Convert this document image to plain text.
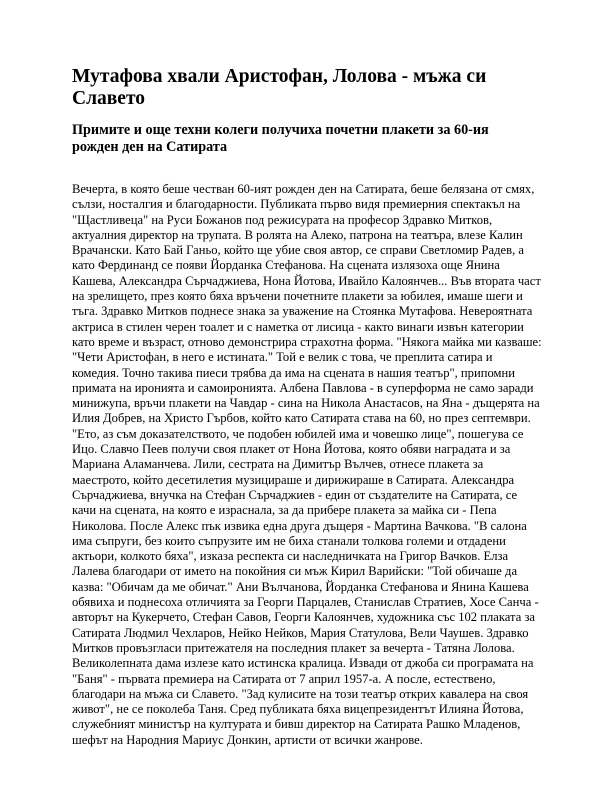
Мутафова хвали Аристофан, Лолова - мъжа си Славето
Примите и още техни колеги получиха почетни плакети за 60-ия рожден ден на Сатирата

Вечерта, в която беше честван 60-ият рожден ден на Сатирата, беше белязана от смях, сълзи, носталгия и благодарности. Публиката първо видя премиерния спектакъл на "Щастливеца" на Руси Божанов под режисурата на професор Здравко Митков, актуалния директор на трупата. В ролята на Алеко, патрона на театъра, влезе Калин Врачански. Като Бай Ганьо, който ще убие своя автор, се справи Светломир Радев, а като Фердинанд се появи Йорданка Стефанова. На сцената излязоха още Янина Кашева, Александра Сърчаджиева, Нона Йотова, Ивайло Калоянчев... Във втората част на зрелището, през която бяха връчени почетните плакети за юбилея, имаше шеги и тъга. Здравко Митков поднесе знака за уважение на Стоянка Мутафова. Невероятната актриса в стилен черен тоалет и с наметка от лисица - както винаги извън категории като време и възраст, отново демонстрира страхотна форма. "Някога майка ми казваше: "Чети Аристофан, в него е истината." Той е велик с това, че преплита сатира и комедия. Точно такива пиеси трябва да има на сцената в нашия театър", припомни примата на иронията и самоиронията. Албена Павлова - в суперформа не само заради минижупа, връчи плакети на Чавдар - сина на Никола Анастасов, на Яна - дъщерята на Илия Добрев, на Христо Гърбов, който като Сатирата става на 60, но през септември. "Ето, аз съм доказателството, че подобен юбилей има и човешко лице", пошегува се Ицо. Славчо Пеев получи своя плакет от Нона Йотова, която обяви наградата и за Мариана Аламанчева. Лили, сестрата на Димитър Вълчев, отнесе плакета за маестрото, който десетилетия музицираше и дирижираше в Сатирата. Александра Сърчаджиева, внучка на Стефан Сърчаджиев - един от създателите на Сатирата, се качи на сцената, на която е израснала, за да прибере плакета за майка си - Пепа Николова. После Алекс пък извика една друга дъщеря - Мартина Вачкова. "В салона има съпруги, без които съпрузите им не биха станали толкова големи и отдадени актьори, колкото бяха", изказа респекта си наследничката на Григор Вачков. Елза Лалева благодари от името на покойния си мъж Кирил Варийски: "Той обичаше да казва: "Обичам да ме обичат." Ани Вълчанова, Йорданка Стефанова и Янина Кашева обявиха и поднесоха отличията за Георги Парцалев, Станислав Стратиев, Хосе Санча - авторът на Кукерчето, Стефан Савов, Георги Калоянчев, художника със 102 плаката за Сатирата Людмил Чехларов, Нейко Нейков, Мария Статулова, Вели Чаушев. Здравко Митков провъзгласи притежателя на последния плакет за вечерта - Татяна Лолова. Великолепната дама излезе като истинска кралица. Извади от джоба си програмата на "Баня" - първата премиера на Сатирата от 7 април 1957-а. А после, естествено, благодари на мъжа си Славето. "Зад кулисите на този театър открих кавалера на своя живот", не се поколеба Таня. Сред публиката бяха вицепрезидентът Илияна Йотова, служебният министър на културата и бивш директор на Сатирата Рашко Младенов, шефът на Народния Мариус Донкин, артисти от всички жанрове.
